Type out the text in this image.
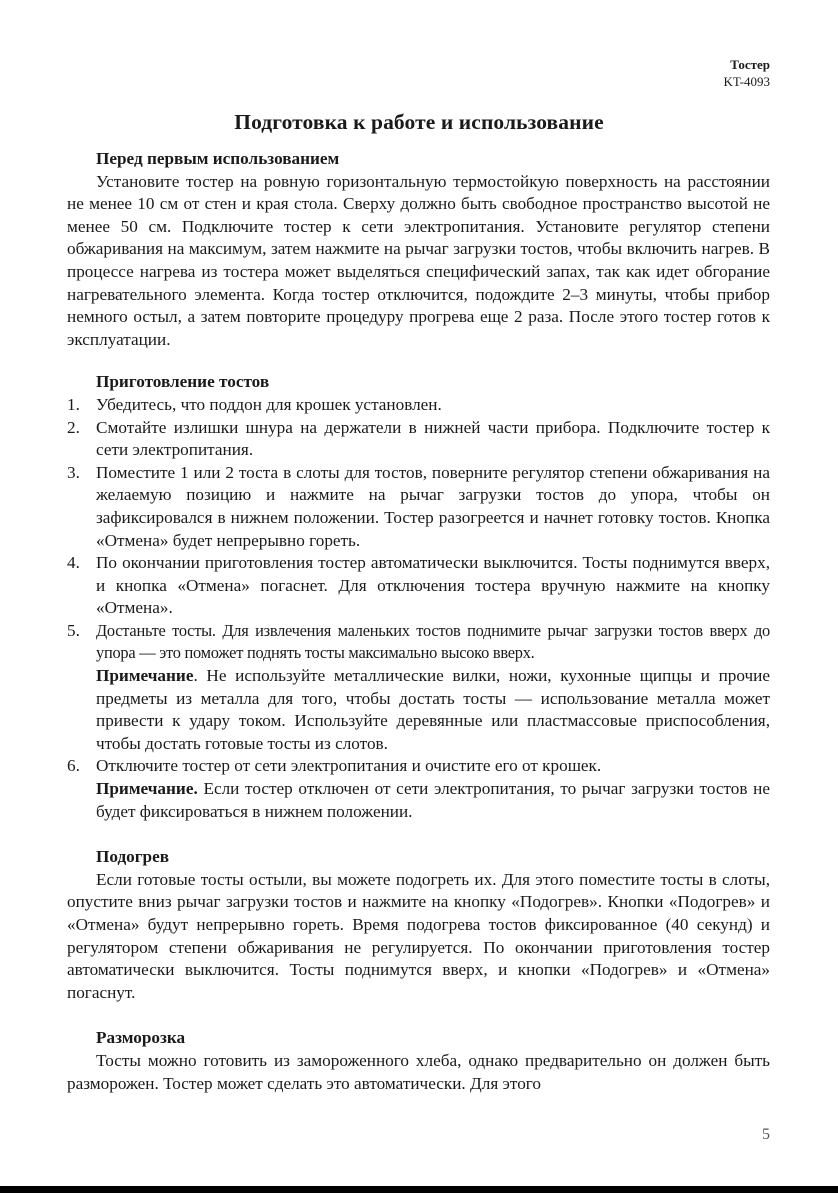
Тостер
KT-4093
Подготовка к работе и использование
Перед первым использованием

Установите тостер на ровную горизонтальную термостойкую поверхность на расстоянии не менее 10 см от стен и края стола. Сверху должно быть свободное пространство высотой не менее 50 см. Подключите тостер к сети электропитания. Установите регулятор степени обжаривания на максимум, затем нажмите на рычаг загрузки тостов, чтобы включить нагрев. В процессе нагрева из тостера может выделяться специфический запах, так как идет обгорание нагревательного элемента. Когда тостер отключится, подождите 2–3 минуты, чтобы прибор немного остыл, а затем повторите процедуру прогрева еще 2 раза. После этого тостер готов к эксплуатации.

Приготовление тостов
1. Убедитесь, что поддон для крошек установлен.
2. Смотайте излишки шнура на держатели в нижней части прибора. Подключите тостер к сети электропитания.
3. Поместите 1 или 2 тоста в слоты для тостов, поверните регулятор степени обжаривания на желаемую позицию и нажмите на рычаг загрузки тостов до упора, чтобы он зафиксировался в нижнем положении. Тостер разогреется и начнет готовку тостов. Кнопка «Отмена» будет непрерывно гореть.
4. По окончании приготовления тостер автоматически выключится. Тосты поднимутся вверх, и кнопка «Отмена» погаснет. Для отключения тостера вручную нажмите на кнопку «Отмена».
5. Достаньте тосты. Для извлечения маленьких тостов поднимите рычаг загрузки тостов вверх до упора — это поможет поднять тосты максимально высоко вверх.
Примечание. Не используйте металлические вилки, ножи, кухонные щипцы и прочие предметы из металла для того, чтобы достать тосты — использование металла может привести к удару током. Используйте деревянные или пластмассовые приспособления, чтобы достать готовые тосты из слотов.
6. Отключите тостер от сети электропитания и очистите его от крошек.
Примечание. Если тостер отключен от сети электропитания, то рычаг загрузки тостов не будет фиксироваться в нижнем положении.
Подогрев

Если готовые тосты остыли, вы можете подогреть их. Для этого поместите тосты в слоты, опустите вниз рычаг загрузки тостов и нажмите на кнопку «Подогрев». Кнопки «Подогрев» и «Отмена» будут непрерывно гореть. Время подогрева тостов фиксированное (40 секунд) и регулятором степени обжаривания не регулируется. По окончании приготовления тостер автоматически выключится. Тосты поднимутся вверх, и кнопки «Подогрев» и «Отмена» погаснут.

Разморозка

Тосты можно готовить из замороженного хлеба, однако предварительно он должен быть разморожен. Тостер может сделать это автоматически. Для этого

5
